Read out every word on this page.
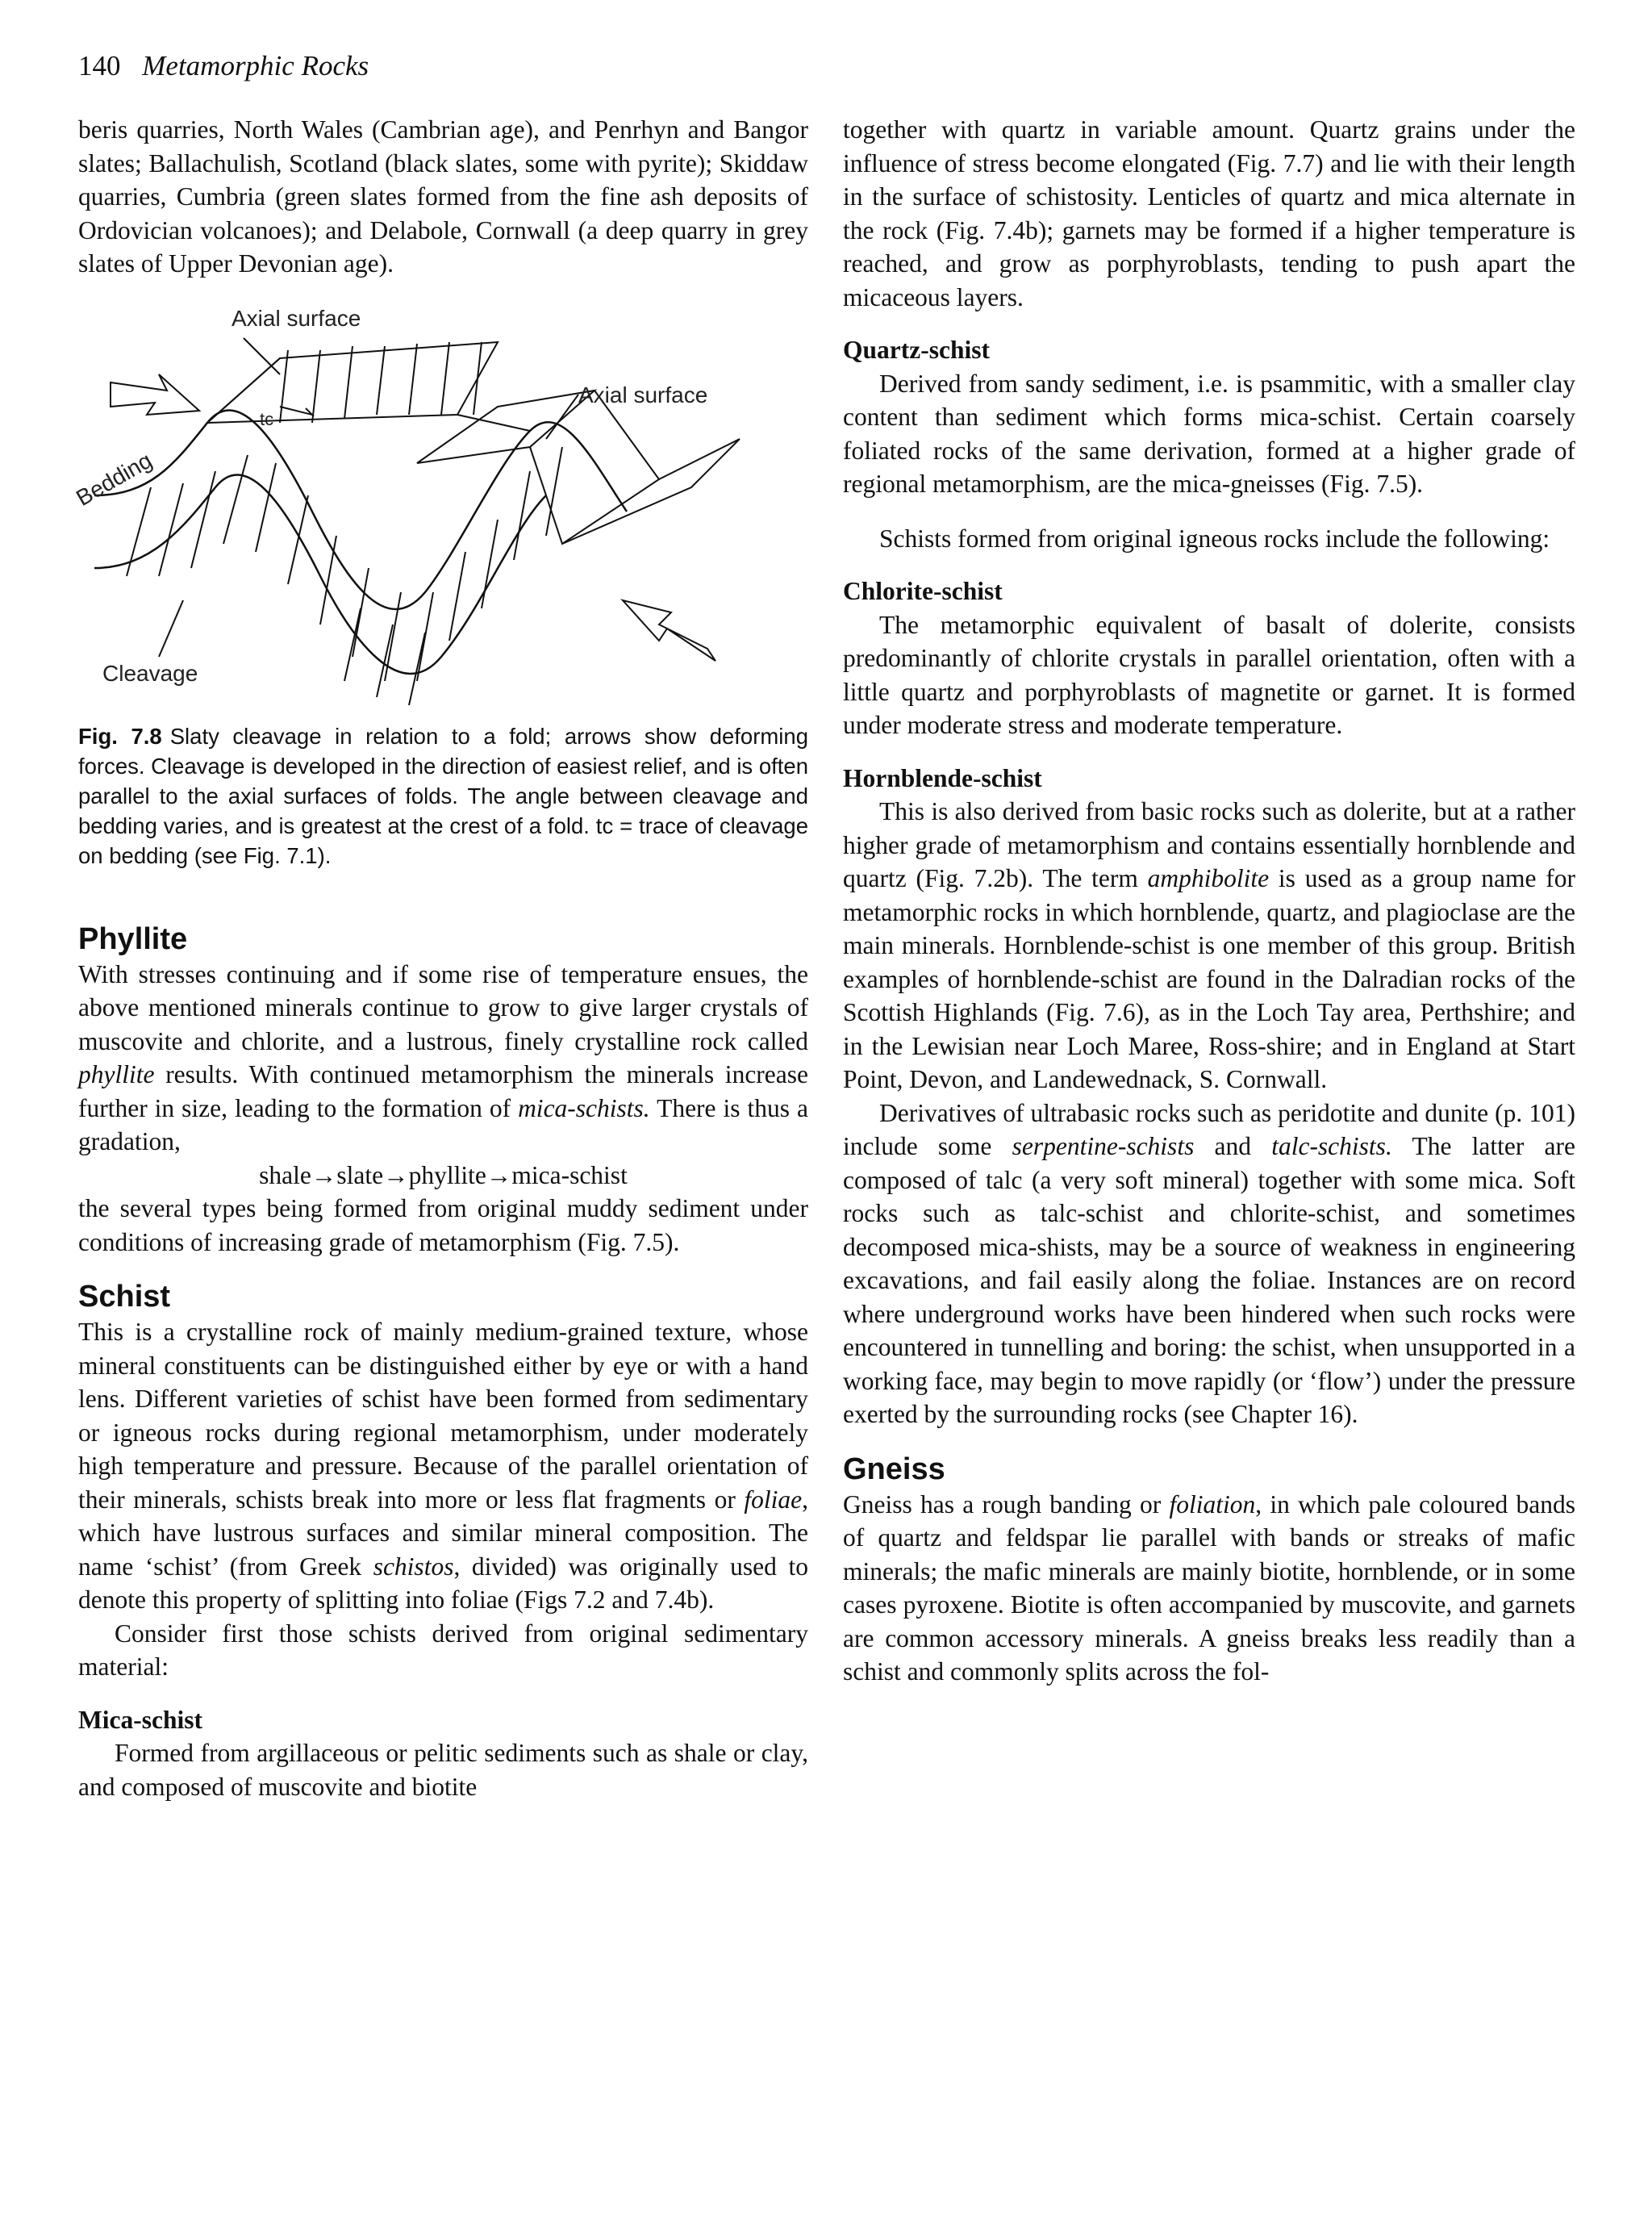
140 Metamorphic Rocks

beris quarries, North Wales (Cambrian age), and Penrhyn and Bangor slates; Ballachulish, Scotland (black slates, some with pyrite); Skiddaw quarries, Cumbria (green slates formed from the fine ash deposits of Ordovician volcanoes); and Delabole, Cornwall (a deep quarry in grey slates of Upper Devonian age).

Axial surface
Axial surface
Bedding
Cleavage
tc

Fig. 7.8 Slaty cleavage in relation to a fold; arrows show deforming forces. Cleavage is developed in the direction of easiest relief, and is often parallel to the axial surfaces of folds. The angle between cleavage and bedding varies, and is greatest at the crest of a fold. tc = trace of cleavage on bedding (see Fig. 7.1).

Phyllite

With stresses continuing and if some rise of temperature ensues, the above mentioned minerals continue to grow to give larger crystals of muscovite and chlorite, and a lustrous, finely crystalline rock called phyllite results. With continued metamorphism the minerals increase further in size, leading to the formation of mica-schists. There is thus a gradation,

shale→slate→phyllite→mica-schist

the several types being formed from original muddy sediment under conditions of increasing grade of metamorphism (Fig. 7.5).

Schist

This is a crystalline rock of mainly medium-grained texture, whose mineral constituents can be distinguished either by eye or with a hand lens. Different varieties of schist have been formed from sedimentary or igneous rocks during regional metamorphism, under moderately high temperature and pressure. Because of the parallel orientation of their minerals, schists break into more or less flat fragments or foliae, which have lustrous surfaces and similar mineral composition. The name ‘schist’ (from Greek schistos, divided) was originally used to denote this property of splitting into foliae (Figs 7.2 and 7.4b).

Consider first those schists derived from original sedimentary material:

Mica-schist

Formed from argillaceous or pelitic sediments such as shale or clay, and composed of muscovite and biotite

together with quartz in variable amount. Quartz grains under the influence of stress become elongated (Fig. 7.7) and lie with their length in the surface of schistosity. Lenticles of quartz and mica alternate in the rock (Fig. 7.4b); garnets may be formed if a higher temperature is reached, and grow as porphyroblasts, tending to push apart the micaceous layers.

Quartz-schist

Derived from sandy sediment, i.e. is psammitic, with a smaller clay content than sediment which forms mica-schist. Certain coarsely foliated rocks of the same derivation, formed at a higher grade of regional metamorphism, are the mica-gneisses (Fig. 7.5).

Schists formed from original igneous rocks include the following:

Chlorite-schist

The metamorphic equivalent of basalt of dolerite, consists predominantly of chlorite crystals in parallel orientation, often with a little quartz and porphyroblasts of magnetite or garnet. It is formed under moderate stress and moderate temperature.

Hornblende-schist

This is also derived from basic rocks such as dolerite, but at a rather higher grade of metamorphism and contains essentially hornblende and quartz (Fig. 7.2b). The term amphibolite is used as a group name for metamorphic rocks in which hornblende, quartz, and plagioclase are the main minerals. Hornblende-schist is one member of this group. British examples of hornblende-schist are found in the Dalradian rocks of the Scottish Highlands (Fig. 7.6), as in the Loch Tay area, Perthshire; and in the Lewisian near Loch Maree, Ross-shire; and in England at Start Point, Devon, and Landewednack, S. Cornwall.

Derivatives of ultrabasic rocks such as peridotite and dunite (p. 101) include some serpentine-schists and talc-schists. The latter are composed of talc (a very soft mineral) together with some mica. Soft rocks such as talc-schist and chlorite-schist, and sometimes decomposed mica-shists, may be a source of weakness in engineering excavations, and fail easily along the foliae. Instances are on record where underground works have been hindered when such rocks were encountered in tunnelling and boring: the schist, when unsupported in a working face, may begin to move rapidly (or ‘flow’) under the pressure exerted by the surrounding rocks (see Chapter 16).

Gneiss

Gneiss has a rough banding or foliation, in which pale coloured bands of quartz and feldspar lie parallel with bands or streaks of mafic minerals; the mafic minerals are mainly biotite, hornblende, or in some cases pyroxene. Biotite is often accompanied by muscovite, and garnets are common accessory minerals. A gneiss breaks less readily than a schist and commonly splits across the fol-
